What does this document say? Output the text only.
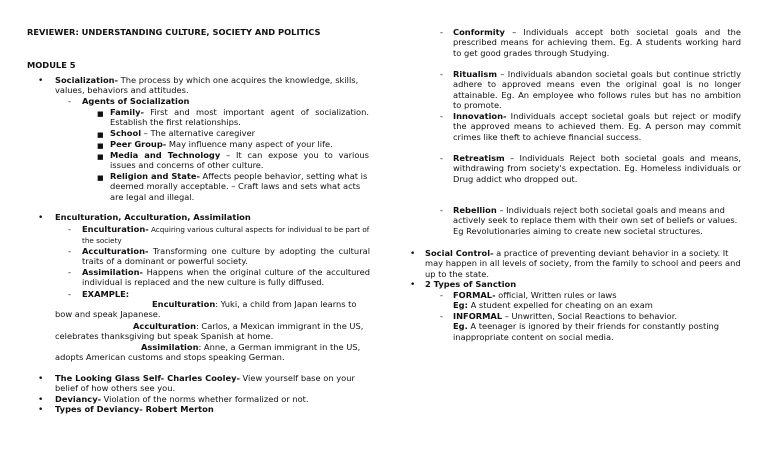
REVIEWER: UNDERSTANDING CULTURE, SOCIETY AND POLITICS
MODULE 5
• Socialization- The process by which one acquires the knowledge, skills, values, behaviors and attitudes.
- Agents of Socialization
■ Family- First and most important agent of socialization. Establish the first relationships.
■ School – The alternative caregiver
■ Peer Group- May influence many aspect of your life.
■ Media and Technology – It can expose you to various issues and concerns of other culture.
■ Religion and State- Affects people behavior, setting what is deemed morally acceptable. – Craft laws and sets what acts are legal and illegal.
• Enculturation, Acculturation, Assimilation
- Enculturation- Acquiring various cultural aspects for individual to be part of the society
- Acculturation- Transforming one culture by adopting the cultural traits of a dominant or powerful society.
- Assimilation- Happens when the original culture of the accultured individual is replaced and the new culture is fully diffused.
- EXAMPLE:
Enculturation: Yuki, a child from Japan learns to bow and speak Japanese.
Acculturation: Carlos, a Mexican immigrant in the US, celebrates thanksgiving but speak Spanish at home.
Assimilation: Anne, a German immigrant in the US, adopts American customs and stops speaking German.
• The Looking Glass Self- Charles Cooley- View yourself base on your belief of how others see you.
• Deviancy- Violation of the norms whether formalized or not.
• Types of Deviancy- Robert Merton
- Conformity – Individuals accept both societal goals and the prescribed means for achieving them. Eg. A students working hard to get good grades through Studying.
- Ritualism – Individuals abandon societal goals but continue strictly adhere to approved means even the original goal is no longer attainable. Eg. An employee who follows rules but has no ambition to promote.
- Innovation- Individuals accept societal goals but reject or modify the approved means to achieved them. Eg. A person may commit crimes like theft to achieve financial success.
- Retreatism – Individuals Reject both societal goals and means, withdrawing from society's expectation. Eg. Homeless individuals or Drug addict who dropped out.
- Rebellion – Individuals reject both societal goals and means and actively seek to replace them with their own set of beliefs or values. Eg Revolutionaries aiming to create new societal structures.
• Social Control- a practice of preventing deviant behavior in a society. It may happen in all levels of society, from the family to school and peers and up to the state.
• 2 Types of Sanction
- FORMAL- official, Written rules or laws
Eg: A student expelled for cheating on an exam
- INFORMAL – Unwritten, Social Reactions to behavior.
Eg. A teenager is ignored by their friends for constantly posting inappropriate content on social media.
